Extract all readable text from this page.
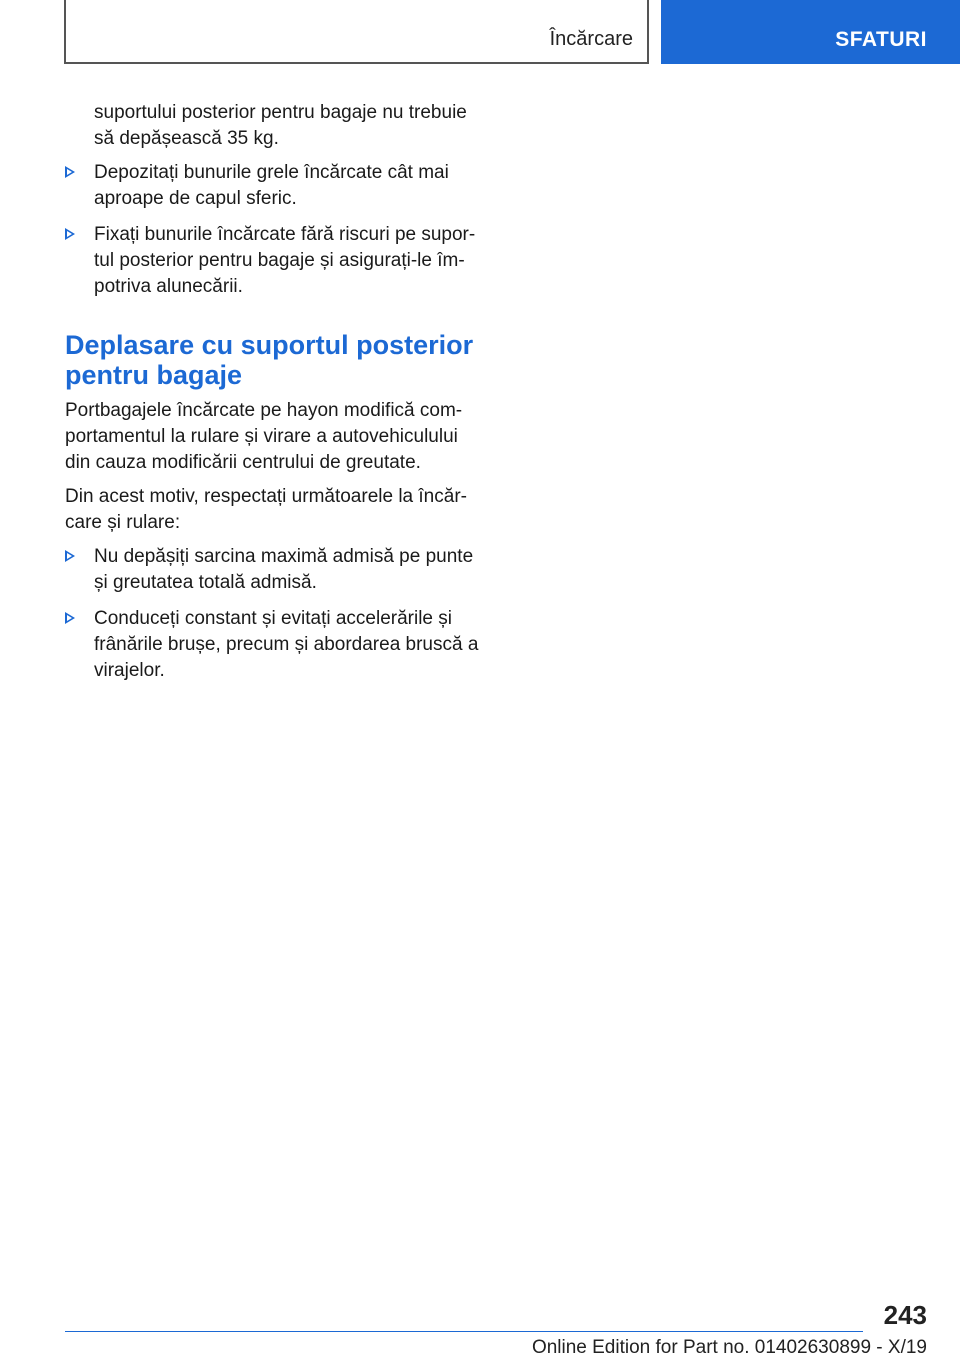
Încărcare	SFATURI

suportului posterior pentru bagaje nu trebuie
să depășească 35 kg.

Depozitați bunurile grele încărcate cât mai
aproape de capul sferic.
Fixați bunurile încărcate fără riscuri pe supor-
tul posterior pentru bagaje și asigurați-le îm-
potriva alunecării.
Deplasare cu suportul posterior
pentru bagaje

Portbagajele încărcate pe hayon modifică com-
portamentul la rulare și virare a autovehiculului
din cauza modificării centrului de greutate.

Din acest motiv, respectați următoarele la încăr-
care și rulare:

Nu depășiți sarcina maximă admisă pe punte
și greutatea totală admisă.
Conduceți constant și evitați accelerările și
frânările brușe, precum și abordarea bruscă a
virajelor.
243
Online Edition for Part no. 01402630899 - X/19
